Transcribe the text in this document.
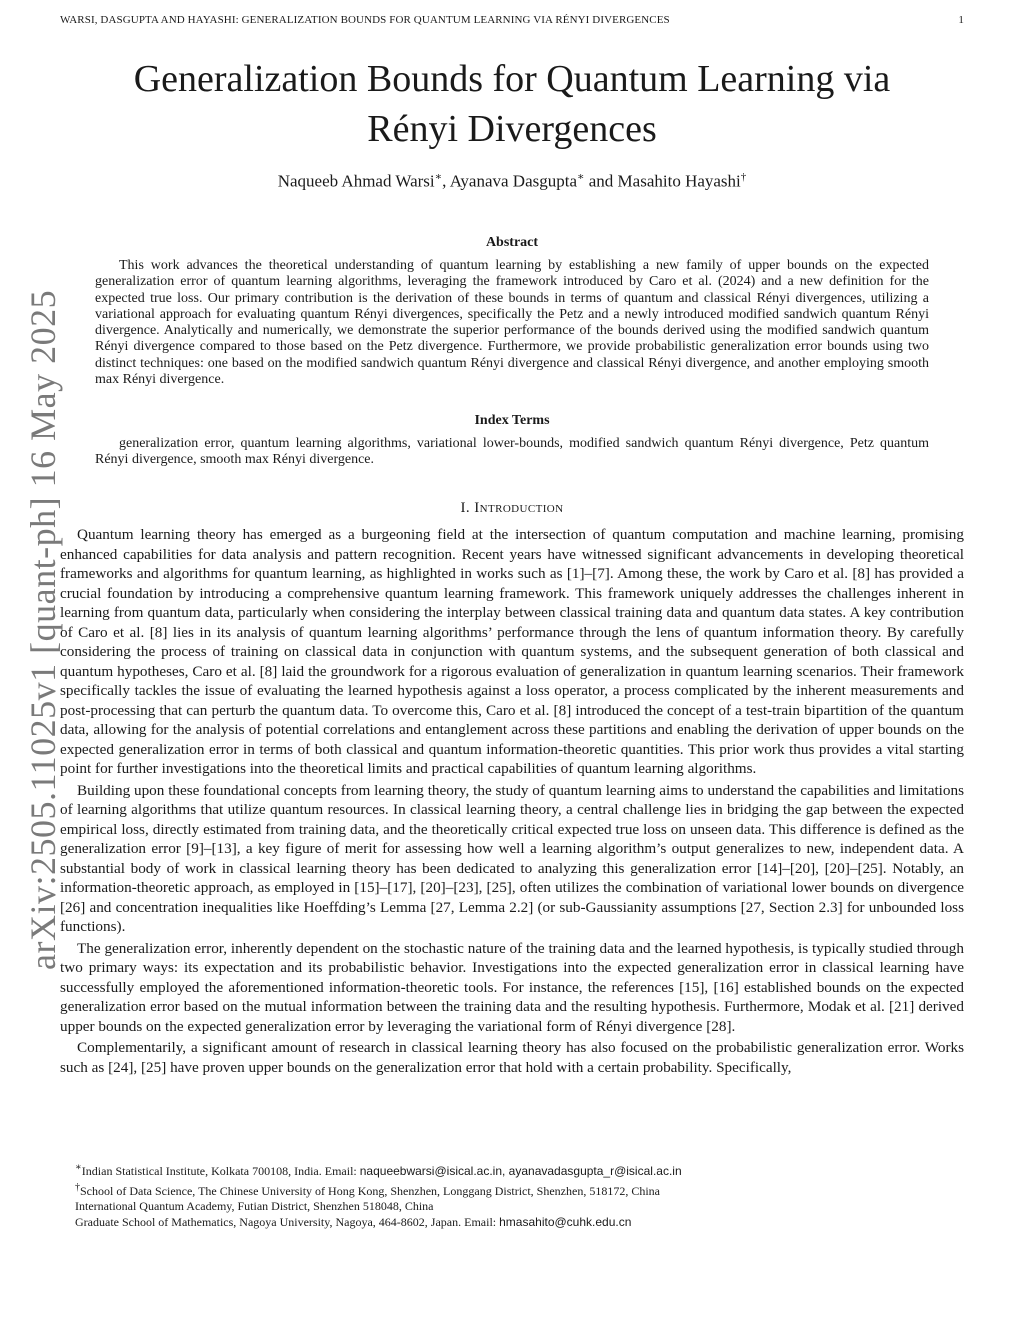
WARSI, DASGUPTA AND HAYASHI: GENERALIZATION BOUNDS FOR QUANTUM LEARNING VIA RÉNYI DIVERGENCES	1
arXiv:2505.11025v1 [quant-ph] 16 May 2025
Generalization Bounds for Quantum Learning via
Rényi Divergences
Naqueeb Ahmad Warsi∗, Ayanava Dasgupta∗ and Masahito Hayashi†
Abstract

This work advances the theoretical understanding of quantum learning by establishing a new family of upper bounds on the expected generalization error of quantum learning algorithms, leveraging the framework introduced by Caro et al. (2024) and a new definition for the expected true loss. Our primary contribution is the derivation of these bounds in terms of quantum and classical Rényi divergences, utilizing a variational approach for evaluating quantum Rényi divergences, specifically the Petz and a newly introduced modified sandwich quantum Rényi divergence. Analytically and numerically, we demonstrate the superior performance of the bounds derived using the modified sandwich quantum Rényi divergence compared to those based on the Petz divergence. Furthermore, we provide probabilistic generalization error bounds using two distinct techniques: one based on the modified sandwich quantum Rényi divergence and classical Rényi divergence, and another employing smooth max Rényi divergence.

Index Terms

generalization error, quantum learning algorithms, variational lower-bounds, modified sandwich quantum Rényi divergence, Petz quantum Rényi divergence, smooth max Rényi divergence.

I. Introduction

Quantum learning theory has emerged as a burgeoning field at the intersection of quantum computation and machine learning, promising enhanced capabilities for data analysis and pattern recognition. Recent years have witnessed significant advancements in developing theoretical frameworks and algorithms for quantum learning, as highlighted in works such as [1]–[7]. Among these, the work by Caro et al. [8] has provided a crucial foundation by introducing a comprehensive quantum learning framework. This framework uniquely addresses the challenges inherent in learning from quantum data, particularly when considering the interplay between classical training data and quantum data states. A key contribution of Caro et al. [8] lies in its analysis of quantum learning algorithms’ performance through the lens of quantum information theory. By carefully considering the process of training on classical data in conjunction with quantum systems, and the subsequent generation of both classical and quantum hypotheses, Caro et al. [8] laid the groundwork for a rigorous evaluation of generalization in quantum learning scenarios. Their framework specifically tackles the issue of evaluating the learned hypothesis against a loss operator, a process complicated by the inherent measurements and post-processing that can perturb the quantum data. To overcome this, Caro et al. [8] introduced the concept of a test-train bipartition of the quantum data, allowing for the analysis of potential correlations and entanglement across these partitions and enabling the derivation of upper bounds on the expected generalization error in terms of both classical and quantum information-theoretic quantities. This prior work thus provides a vital starting point for further investigations into the theoretical limits and practical capabilities of quantum learning algorithms.

Building upon these foundational concepts from learning theory, the study of quantum learning aims to understand the capabilities and limitations of learning algorithms that utilize quantum resources. In classical learning theory, a central challenge lies in bridging the gap between the expected empirical loss, directly estimated from training data, and the theoretically critical expected true loss on unseen data. This difference is defined as the generalization error [9]–[13], a key figure of merit for assessing how well a learning algorithm’s output generalizes to new, independent data. A substantial body of work in classical learning theory has been dedicated to analyzing this generalization error [14]–[20], [20]–[25]. Notably, an information-theoretic approach, as employed in [15]–[17], [20]–[23], [25], often utilizes the combination of variational lower bounds on divergence [26] and concentration inequalities like Hoeffding’s Lemma [27, Lemma 2.2] (or sub-Gaussianity assumptions [27, Section 2.3] for unbounded loss functions).

The generalization error, inherently dependent on the stochastic nature of the training data and the learned hypothesis, is typically studied through two primary ways: its expectation and its probabilistic behavior. Investigations into the expected generalization error in classical learning have successfully employed the aforementioned information-theoretic tools. For instance, the references [15], [16] established bounds on the expected generalization error based on the mutual information between the training data and the resulting hypothesis. Furthermore, Modak et al. [21] derived upper bounds on the expected generalization error by leveraging the variational form of Rényi divergence [28].

Complementarily, a significant amount of research in classical learning theory has also focused on the probabilistic generalization error. Works such as [24], [25] have proven upper bounds on the generalization error that hold with a certain probability. Specifically,

∗Indian Statistical Institute, Kolkata 700108, India. Email: naqueebwarsi@isical.ac.in, ayanavadasgupta_r@isical.ac.in

†School of Data Science, The Chinese University of Hong Kong, Shenzhen, Longgang District, Shenzhen, 518172, China

International Quantum Academy, Futian District, Shenzhen 518048, China

Graduate School of Mathematics, Nagoya University, Nagoya, 464-8602, Japan. Email: hmasahito@cuhk.edu.cn
